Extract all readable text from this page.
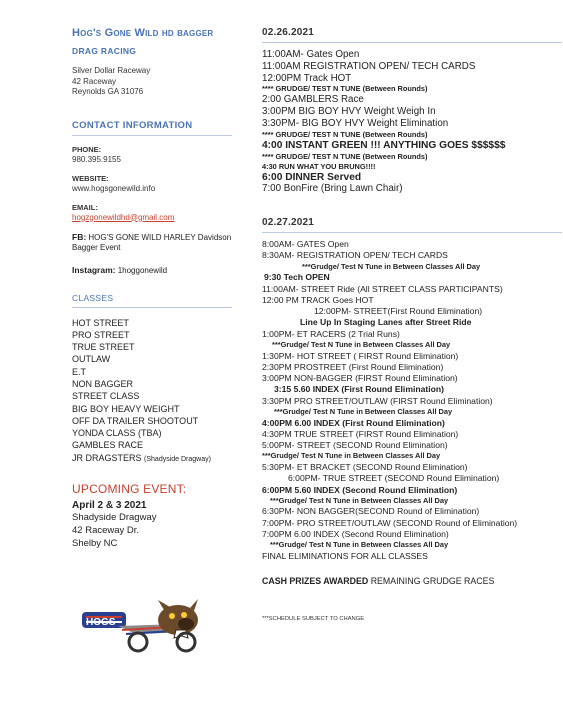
Hog's Gone Wild hd bagger
DRAG RACING
Silver Dollar Raceway
42 Raceway
Reynolds GA 31076
CONTACT INFORMATION
PHONE:
980.395.9155
WEBSITE:
www.hogsgonewild.info
EMAIL:
hogzgonewildhd@gmail.com
FB: HOG'S GONE WILD HARLEY Davidson Bagger Event
Instagram: 1hoggonewild
CLASSES
HOT STREET
PRO STREET
TRUE STREET
OUTLAW
E.T
NON BAGGER
STREET CLASS
BIG BOY HEAVY WEIGHT
OFF DA TRAILER SHOOTOUT
YONDA CLASS (TBA)
GAMBLES RACE
JR DRAGSTERS (Shadyside Dragway)
UPCOMING EVENT:
April 2 & 3 2021
Shadyside Dragway
42 Raceway Dr.
Shelby NC
HOGS
02.26.2021
11:00AM- Gates Open
11:00AM REGISTRATION OPEN/ TECH CARDS
12:00PM Track HOT
**** GRUDGE/ TEST N TUNE (Between Rounds)
2:00 GAMBLERS Race
3:00PM BIG BOY HVY Weight Weigh In
3:30PM- BIG BOY HVY Weight Elimination
**** GRUDGE/ TEST N TUNE (Between Rounds)
4:00 INSTANT GREEN !!! ANYTHING GOES $$$$$$
**** GRUDGE/ TEST N TUNE (Between Rounds)
4:30 RUN WHAT YOU BRUNG!!!!
6:00 DINNER Served
7:00 BonFire (Bring Lawn Chair)
02.27.2021
8:00AM- GATES Open
8:30AM- REGISTRATION OPEN/ TECH CARDS
***Grudge/ Test N Tune in Between Classes All Day
9:30 Tech OPEN
11:00AM- STREET Ride (All STREET CLASS PARTICIPANTS)
12:00 PM TRACK Goes HOT
12:00PM- STREET(First Round Elimination)
Line Up In Staging Lanes after Street Ride
1:00PM- ET RACERS (2 Trial Runs)
***Grudge/ Test N Tune in Between Classes All Day
1:30PM- HOT STREET ( FIRST Round Elimination)
2:30PM PROSTREET (First Round Elimination)
3:00PM NON-BAGGER (FIRST Round Elimination)
3:15 5.60 INDEX (First Round Elimination)
3:30PM PRO STREET/OUTLAW (FIRST Round Elimination)
***Grudge/ Test N Tune in Between Classes All Day
4:00PM 6.00 INDEX (First Round Elimination)
4:30PM TRUE STREET (FIRST Round Elimination)
5:00PM- STREET (SECOND Round Elimination)
***Grudge/ Test N Tune in Between Classes All Day
5:30PM- ET BRACKET (SECOND Round Elimination)
6:00PM- TRUE STREET (SECOND Round Elimination)
6:00PM 5.60 INDEX (Second Round Elimination)
***Grudge/ Test N Tune in Between Classes All Day
6:30PM- NON BAGGER(SECOND Round of Elimination)
7:00PM- PRO STREET/OUTLAW (SECOND Round of Elimination)
7:00PM 6.00 INDEX (Second Round Elimination)
***Grudge/ Test N Tune in Between Classes All Day
FINAL ELIMINATIONS FOR ALL CLASSES
CASH PRIZES AWARDED REMAINING GRUDGE RACES
***SCHEDULE SUBJECT TO CHANGE
